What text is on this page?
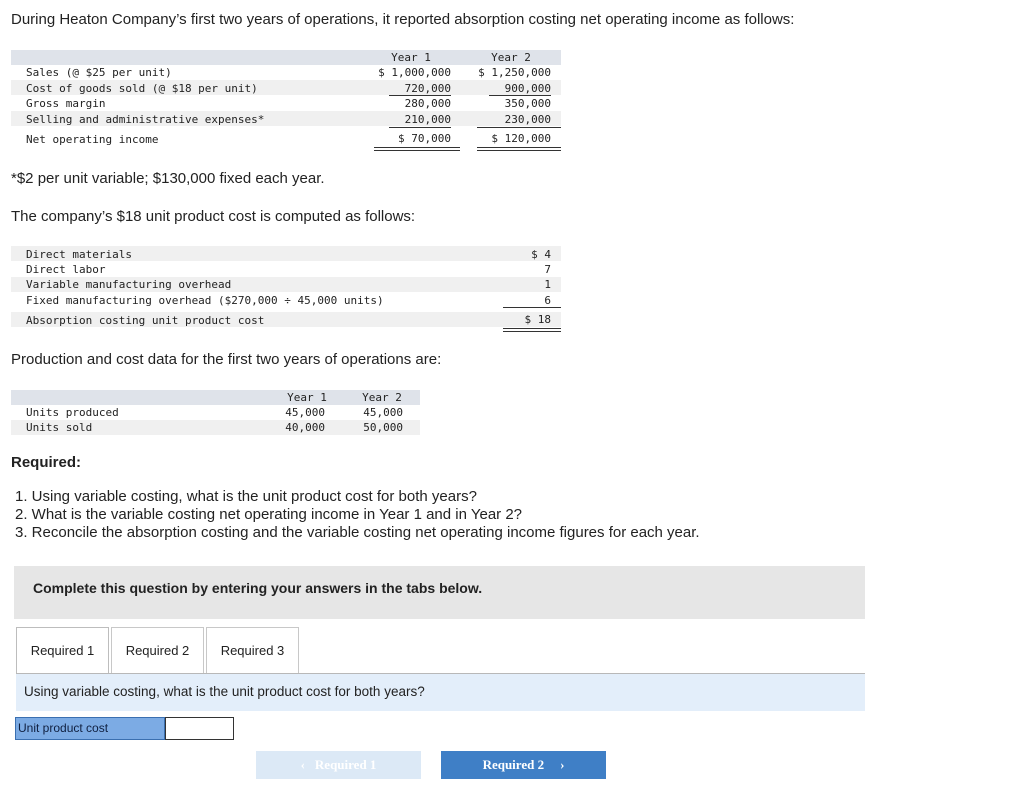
During Heaton Company’s first two years of operations, it reported absorption costing net operating income as follows:
Year 1	Year 2
Sales (@ $25 per unit)	$ 1,000,000	$ 1,250,000
Cost of goods sold (@ $18 per unit)	720,000	900,000
Gross margin	280,000	350,000
Selling and administrative expenses*	210,000	230,000
Net operating income	$ 70,000	$ 120,000
*$2 per unit variable; $130,000 fixed each year.
The company’s $18 unit product cost is computed as follows:
Direct materials	$ 4
Direct labor	7
Variable manufacturing overhead	1
Fixed manufacturing overhead ($270,000 ÷ 45,000 units)	6
Absorption costing unit product cost	$ 18
Production and cost data for the first two years of operations are:
Year 1	Year 2
Units produced	45,000	45,000
Units sold	40,000	50,000
Required:
1. Using variable costing, what is the unit product cost for both years?
2. What is the variable costing net operating income in Year 1 and in Year 2?
3. Reconcile the absorption costing and the variable costing net operating income figures for each year.
Complete this question by entering your answers in the tabs below.
Required 1	Required 2	Required 3
Using variable costing, what is the unit product cost for both years?
Unit product cost
‹ Required 1	Required 2 ›
